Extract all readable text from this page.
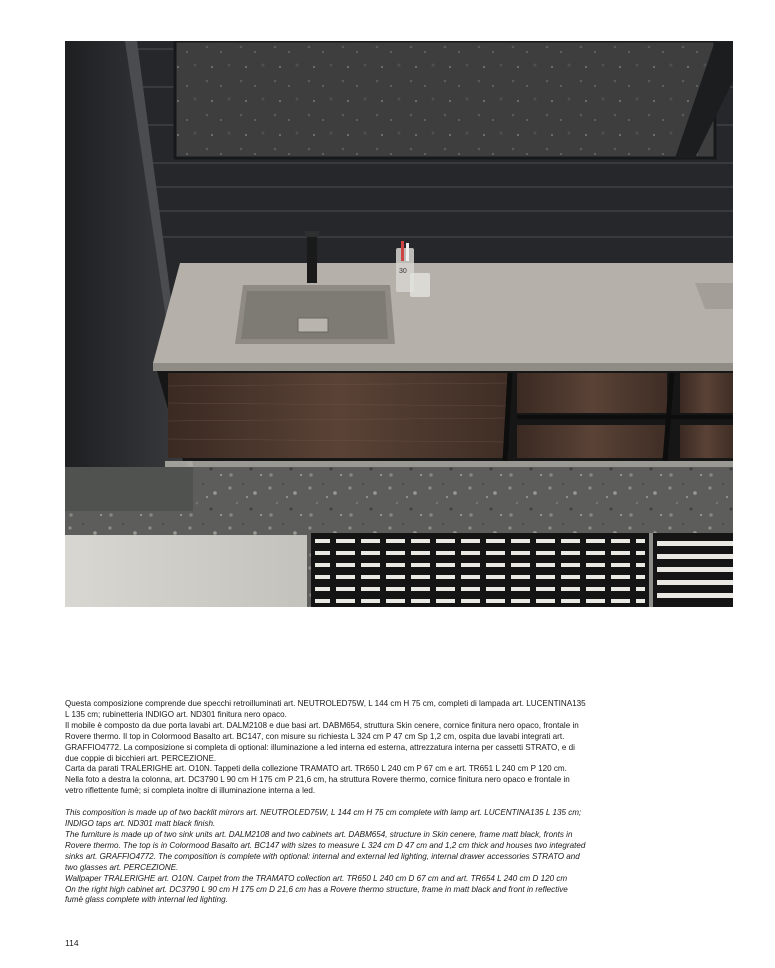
30

Questa composizione comprende due specchi retroilluminati art. NEUTROLED75W, L 144 cm H 75 cm, completi di lampada art. LUCENTINA135 L 135 cm; rubinetteria INDIGO art. ND301 finitura nero opaco.

Il mobile è composto da due porta lavabi art. DALM2108 e due basi art. DABM654, struttura Skin cenere, cornice finitura nero opaco, frontale in Rovere thermo. Il top in Colormood Basalto art. BC147, con misure su richiesta L 324 cm P 47 cm Sp 1,2 cm, ospita due lavabi integrati art. GRAFFIO4772. La composizione si completa di optional: illuminazione a led interna ed esterna, attrezzatura interna per cassetti STRATO, e di due coppie di bicchieri art. PERCEZIONE.

Carta da parati TRALERIGHE art. O10N. Tappeti della collezione TRAMATO art. TR650 L 240 cm P 67 cm e art. TR651 L 240 cm P 120 cm.

Nella foto a destra la colonna, art. DC3790 L 90 cm H 175 cm P 21,6 cm, ha struttura Rovere thermo, cornice finitura nero opaco e frontale in vetro riflettente fumè; si completa inoltre di illuminazione interna a led.

This composition is made up of two backlit mirrors art. NEUTROLED75W, L 144 cm H 75 cm complete with lamp art. LUCENTINA135 L 135 cm; INDIGO taps art. ND301 matt black finish.

The furniture is made up of two sink units art. DALM2108 and two cabinets art. DABM654, structure in Skin cenere, frame matt black, fronts in Rovere thermo. The top is in Colormood Basalto art. BC147 with sizes to measure L 324 cm D 47 cm and 1,2 cm thick and houses two integrated sinks art. GRAFFIO4772. The composition is complete with optional: internal and external led lighting, internal drawer accessories STRATO and two glasses art. PERCEZIONE.

Wallpaper TRALERIGHE art. O10N. Carpet from the TRAMATO collection art. TR650 L 240 cm D 67 cm and art. TR654 L 240 cm D 120 cm

On the right high cabinet art. DC3790 L 90 cm H 175 cm D 21,6 cm has a Rovere thermo structure, frame in matt black and front in reflective fumè glass complete with internal led lighting.

114
